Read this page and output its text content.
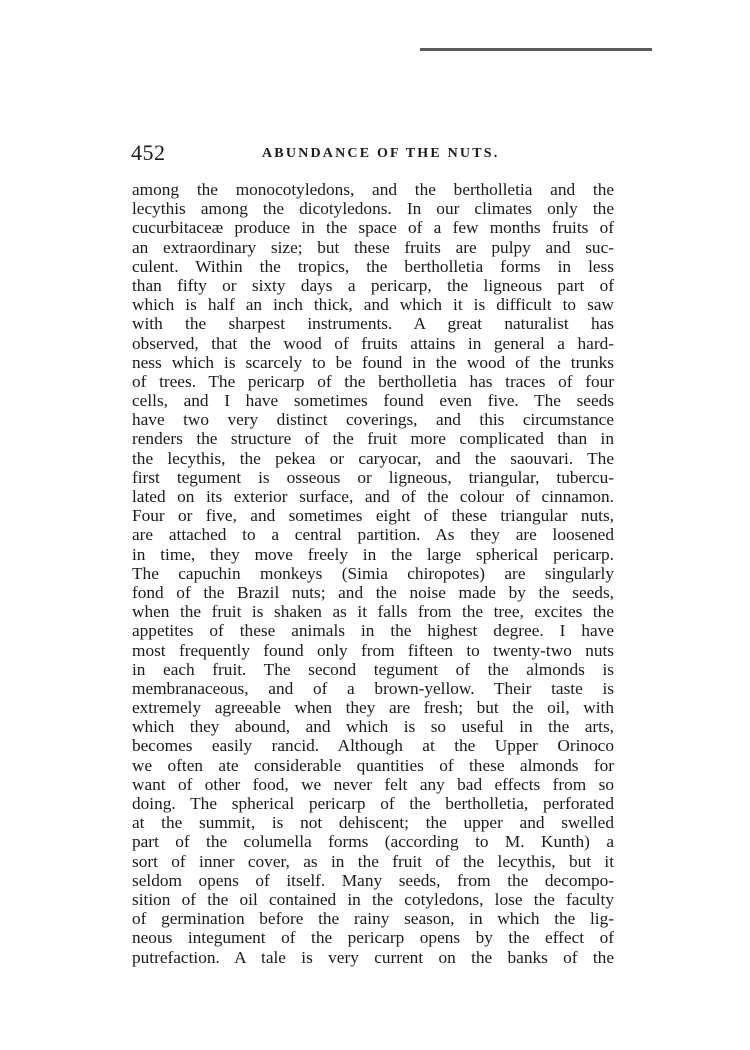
452	ABUNDANCE OF THE NUTS.
among the monocotyledons, and the bertholletia and the
lecythis among the dicotyledons. In our climates only the
cucurbitaceæ produce in the space of a few months fruits of
an extraordinary size; but these fruits are pulpy and suc-
culent. Within the tropics, the bertholletia forms in less
than fifty or sixty days a pericarp, the ligneous part of
which is half an inch thick, and which it is difficult to saw
with the sharpest instruments. A great naturalist has
observed, that the wood of fruits attains in general a hard-
ness which is scarcely to be found in the wood of the trunks
of trees. The pericarp of the bertholletia has traces of four
cells, and I have sometimes found even five. The seeds
have two very distinct coverings, and this circumstance
renders the structure of the fruit more complicated than in
the lecythis, the pekea or caryocar, and the saouvari. The
first tegument is osseous or ligneous, triangular, tubercu-
lated on its exterior surface, and of the colour of cinnamon.
Four or five, and sometimes eight of these triangular nuts,
are attached to a central partition. As they are loosened
in time, they move freely in the large spherical pericarp.
The capuchin monkeys (Simia chiropotes) are singularly
fond of the Brazil nuts; and the noise made by the seeds,
when the fruit is shaken as it falls from the tree, excites the
appetites of these animals in the highest degree. I have
most frequently found only from fifteen to twenty-two nuts
in each fruit. The second tegument of the almonds is
membranaceous, and of a brown-yellow. Their taste is
extremely agreeable when they are fresh; but the oil, with
which they abound, and which is so useful in the arts,
becomes easily rancid. Although at the Upper Orinoco
we often ate considerable quantities of these almonds for
want of other food, we never felt any bad effects from so
doing. The spherical pericarp of the bertholletia, perforated
at the summit, is not dehiscent; the upper and swelled
part of the columella forms (according to M. Kunth) a
sort of inner cover, as in the fruit of the lecythis, but it
seldom opens of itself. Many seeds, from the decompo-
sition of the oil contained in the cotyledons, lose the faculty
of germination before the rainy season, in which the lig-
neous integument of the pericarp opens by the effect of
putrefaction. A tale is very current on the banks of the
